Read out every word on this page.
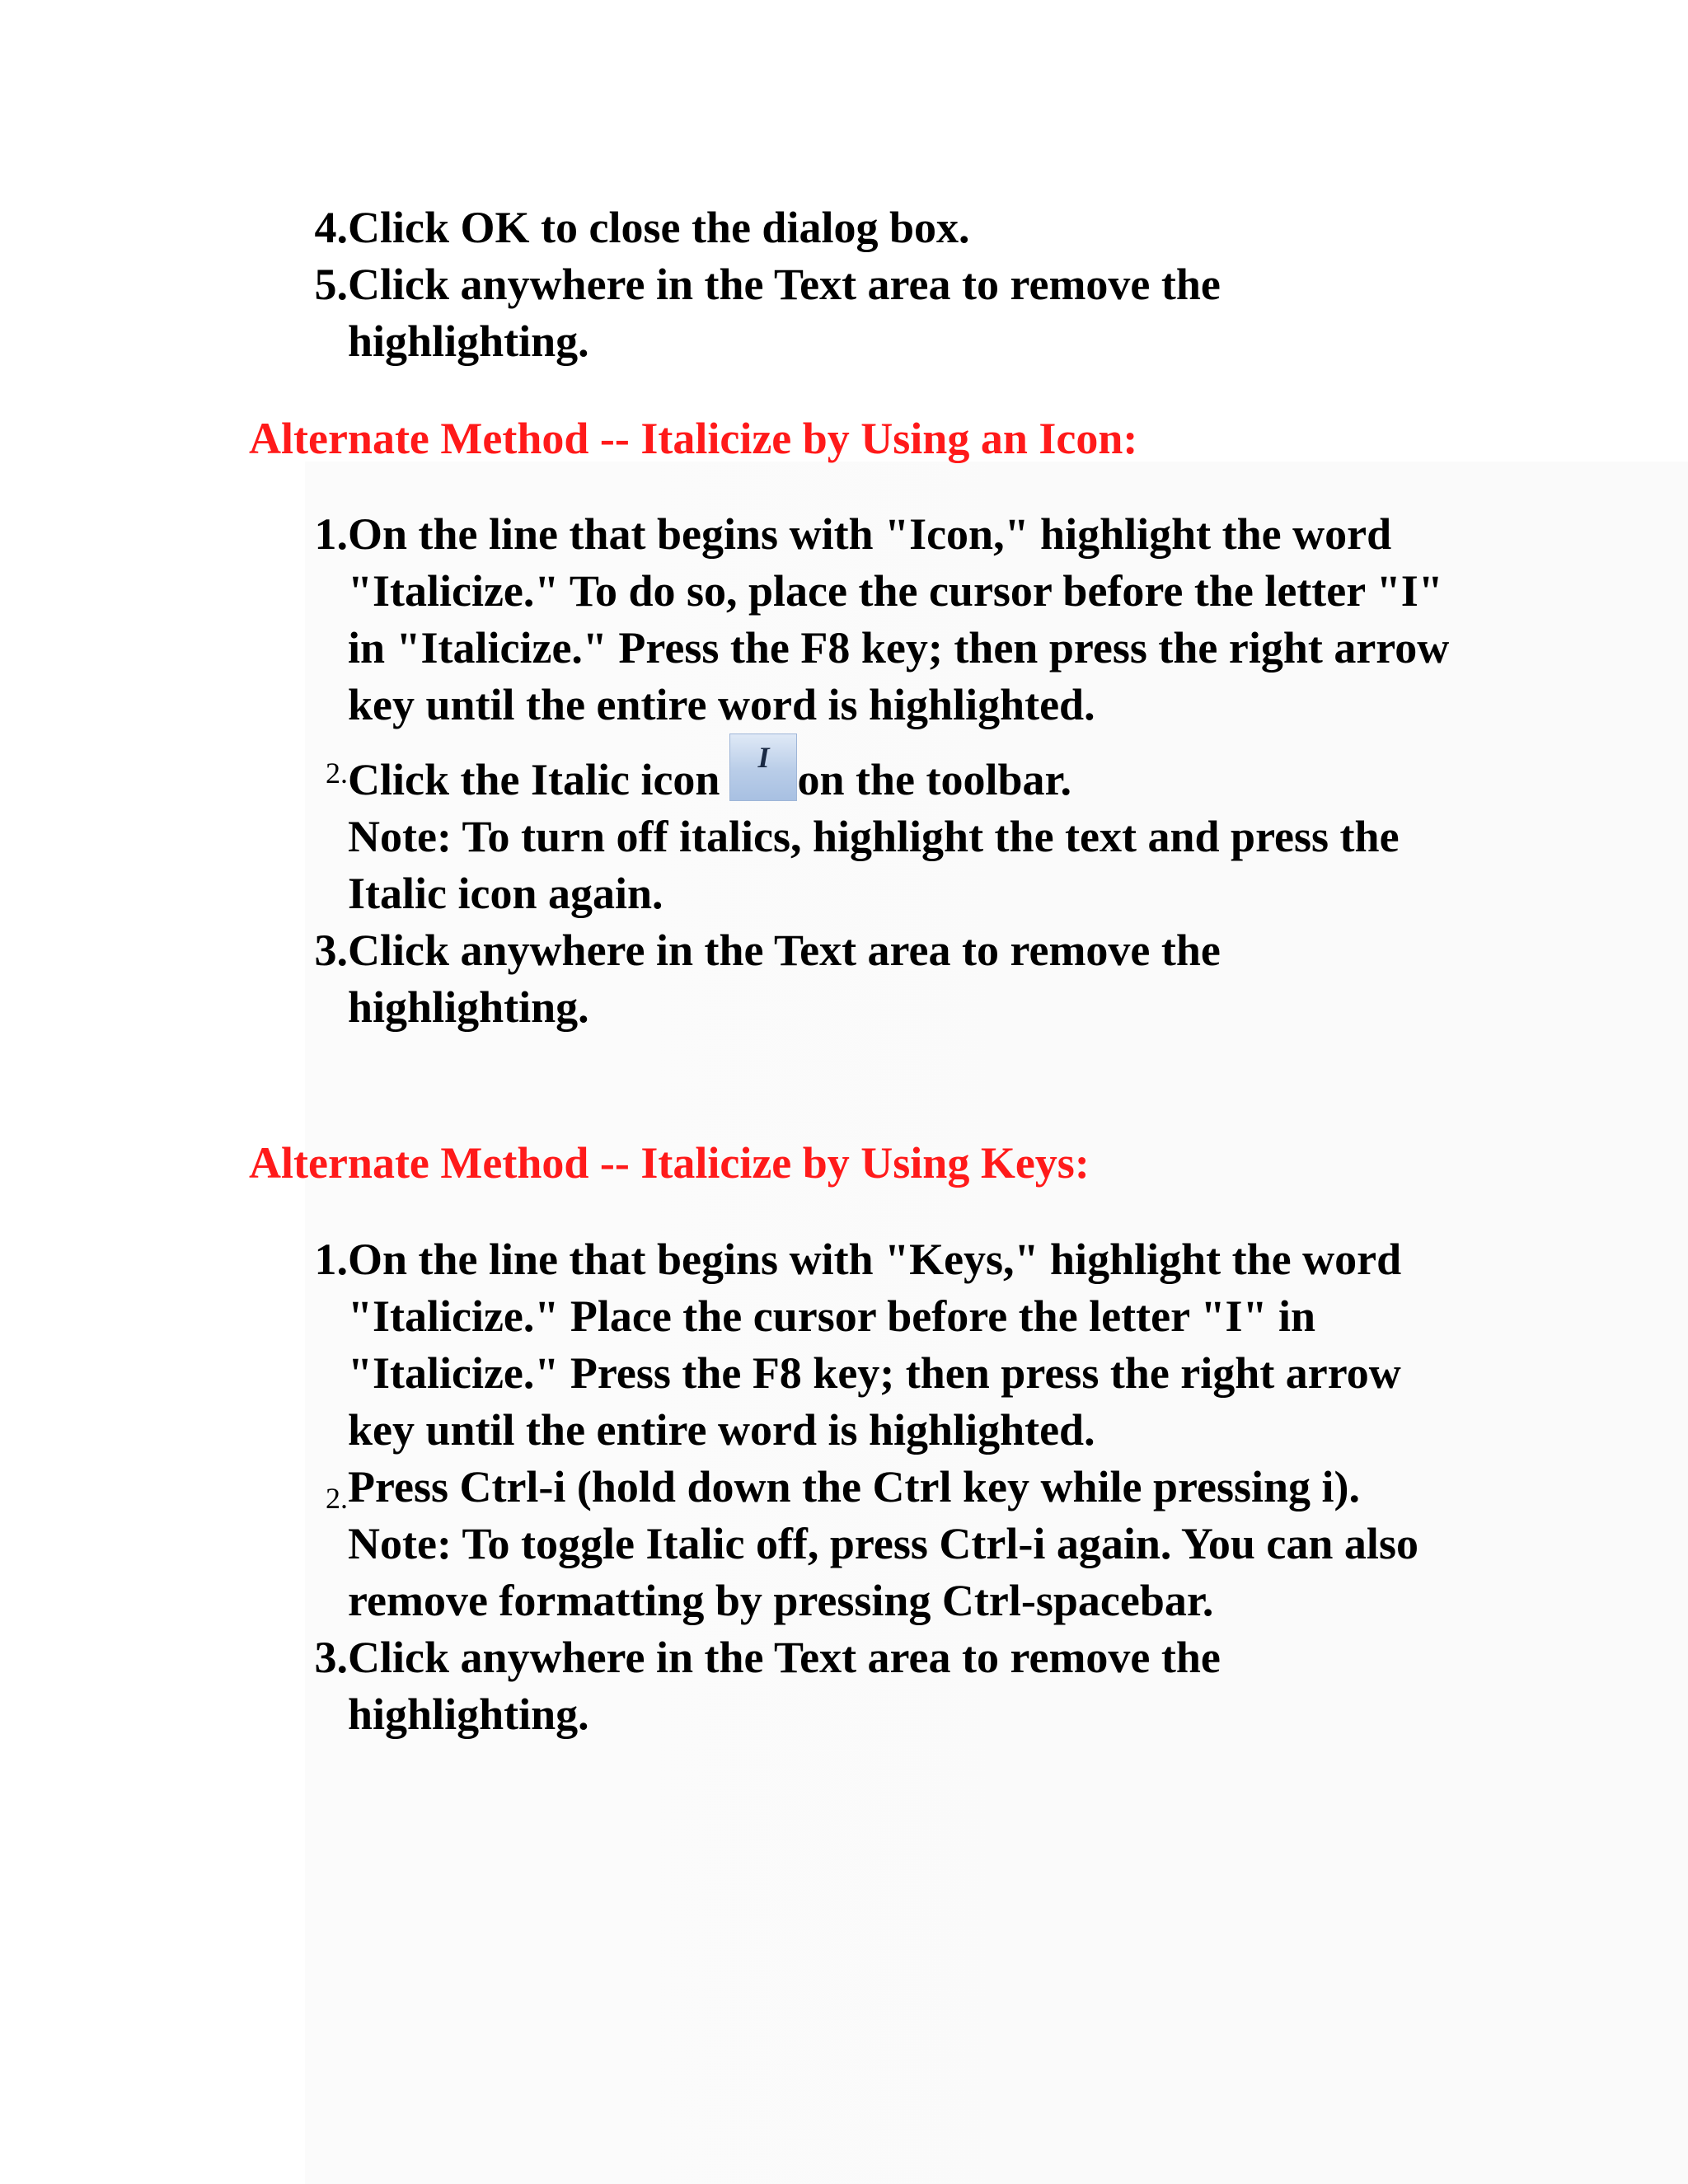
4. Click OK to close the dialog box.
5. Click anywhere in the Text area to remove the highlighting.
Alternate Method -- Italicize by Using an Icon:
1. On the line that begins with "Icon," highlight the word "Italicize." To do so, place the cursor before the letter "I" in "Italicize." Press the F8 key; then press the right arrow key until the entire word is highlighted.
2. Click the Italic icon	I on the toolbar.
Note: To turn off italics, highlight the text and press the Italic icon again.
3. Click anywhere in the Text area to remove the highlighting.
Alternate Method -- Italicize by Using Keys:
1. On the line that begins with "Keys," highlight the word "Italicize." Place the cursor before the letter "I" in "Italicize." Press the F8 key; then press the right arrow key until the entire word is highlighted.
2. Press Ctrl-i (hold down the Ctrl key while pressing i).
Note: To toggle Italic off, press Ctrl-i again. You can also remove formatting by pressing Ctrl-spacebar.
3. Click anywhere in the Text area to remove the highlighting.
